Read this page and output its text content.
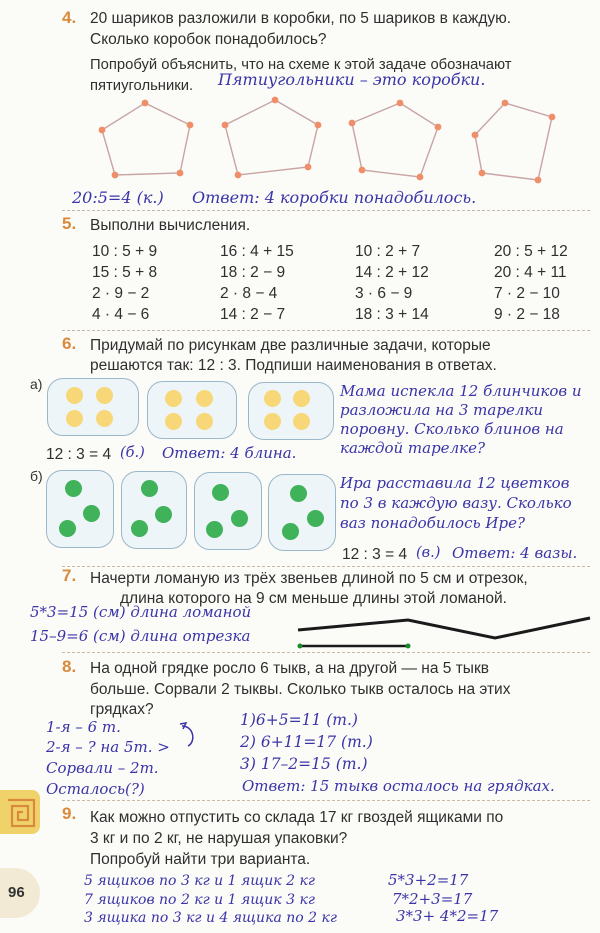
4. 20 шариков разложили в коробки, по 5 шариков в каждую.
Сколько коробок понадобилось?
Попробуй объяснить, что на схеме к этой задаче обозначают
пятиугольники. Пятиугольники – это коробки.
20:5=4 (к.) Ответ: 4 коробки понадобилось.
5. Выполни вычисления.
10 : 5 + 9
15 : 5 + 8
2 · 9 − 2
4 · 4 − 6
16 : 4 + 15
18 : 2 − 9
2 · 8 − 4
14 : 2 − 7
10 : 2 + 7
14 : 2 + 12
3 · 6 − 9
18 : 3 + 14
20 : 5 + 12
20 : 4 + 11
7 · 2 − 10
9 · 2 − 18
6. Придумай по рисункам две различные задачи, которые
решаются так: 12 : 3. Подпиши наименования в ответах.
а)	Мама испекла 12 блинчиков и
разложила на 3 тарелки
поровну. Сколько блинов на
каждой тарелке?
12 : 3 = 4 (б.) Ответ: 4 блина.
б)	Ира расставила 12 цветков
по 3 в каждую вазу. Сколько
ваз понадобилось Ире?
12 : 3 = 4 (в.) Ответ: 4 вазы.
7. Начерти ломаную из трёх звеньев длиной по 5 см и отрезок,
длина которого на 9 см меньше длины этой ломаной.
5*3=15 (см) длина ломаной
15–9=6 (см) длина отрезка
8. На одной грядке росло 6 тыкв, а на другой — на 5 тыкв
больше. Сорвали 2 тыквы. Сколько тыкв осталось на этих
грядках?
1-я – 6 т.
2-я – ? на 5т. >
Сорвали – 2т.
Осталось(?)
1)6+5=11 (т.)
2) 6+11=17 (т.)
3) 17–2=15 (т.)
Ответ: 15 тыкв осталось на грядках.
9. Как можно отпустить со склада 17 кг гвоздей ящиками по
3 кг и по 2 кг, не нарушая упаковки?
Попробуй найти три варианта.
96
5 ящиков по 3 кг и 1 ящик 2 кг
7 ящиков по 2 кг и 1 ящик 3 кг
3 ящика по 3 кг и 4 ящика по 2 кг
5*3+2=17
7*2+3=17
3*3+ 4*2=17
